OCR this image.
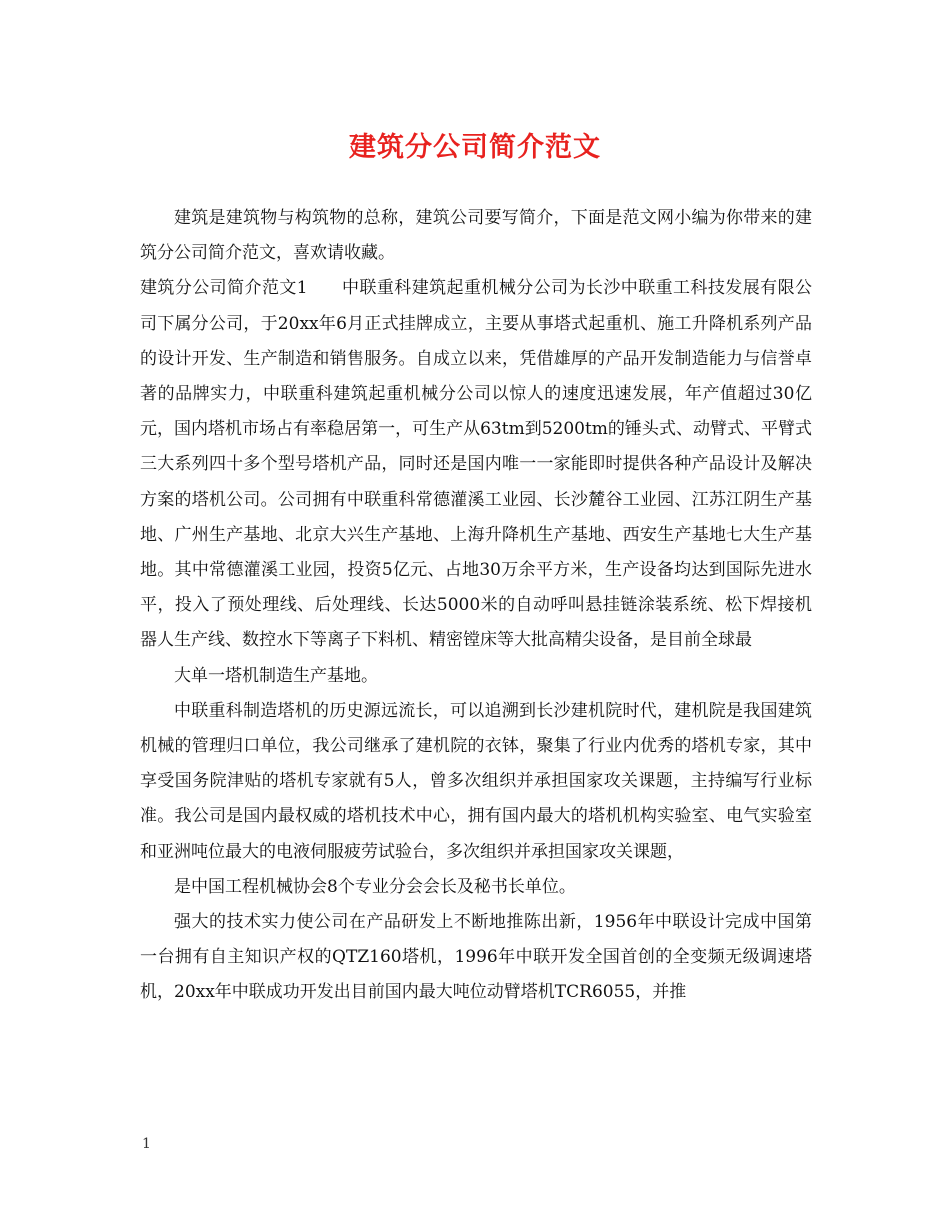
建筑分公司简介范文

建筑是建筑物与构筑物的总称，建筑公司要写简介，下面是范文网小编为你带来的建筑分公司简介范文，喜欢请收藏。

建筑分公司简介范文1 中联重科建筑起重机械分公司为长沙中联重工科技发展有限公司下属分公司，于20xx年6月正式挂牌成立，主要从事塔式起重机、施工升降机系列产品的设计开发、生产制造和销售服务。自成立以来，凭借雄厚的产品开发制造能力与信誉卓著的品牌实力，中联重科建筑起重机械分公司以惊人的速度迅速发展，年产值超过30亿元，国内塔机市场占有率稳居第一，可生产从63tm到5200tm的锤头式、动臂式、平臂式三大系列四十多个型号塔机产品，同时还是国内唯一一家能即时提供各种产品设计及解决方案的塔机公司。公司拥有中联重科常德灌溪工业园、长沙麓谷工业园、江苏江阴生产基地、广州生产基地、北京大兴生产基地、上海升降机生产基地、西安生产基地七大生产基地。其中常德灌溪工业园，投资5亿元、占地30万余平方米，生产设备均达到国际先进水平，投入了预处理线、后处理线、长达5000米的自动呼叫悬挂链涂装系统、松下焊接机器人生产线、数控水下等离子下料机、精密镗床等大批高精尖设备，是目前全球最

大单一塔机制造生产基地。

中联重科制造塔机的历史源远流长，可以追溯到长沙建机院时代，建机院是我国建筑机械的管理归口单位，我公司继承了建机院的衣钵，聚集了行业内优秀的塔机专家，其中享受国务院津贴的塔机专家就有5人，曾多次组织并承担国家攻关课题，主持编写行业标准。我公司是国内最权威的塔机技术中心，拥有国内最大的塔机机构实验室、电气实验室和亚洲吨位最大的电液伺服疲劳试验台，多次组织并承担国家攻关课题，

是中国工程机械协会8个专业分会会长及秘书长单位。

强大的技术实力使公司在产品研发上不断地推陈出新，1956年中联设计完成中国第一台拥有自主知识产权的QTZ160塔机，1996年中联开发全国首创的全变频无级调速塔机，20xx年中联成功开发出目前国内最大吨位动臂塔机TCR6055，并推

1
